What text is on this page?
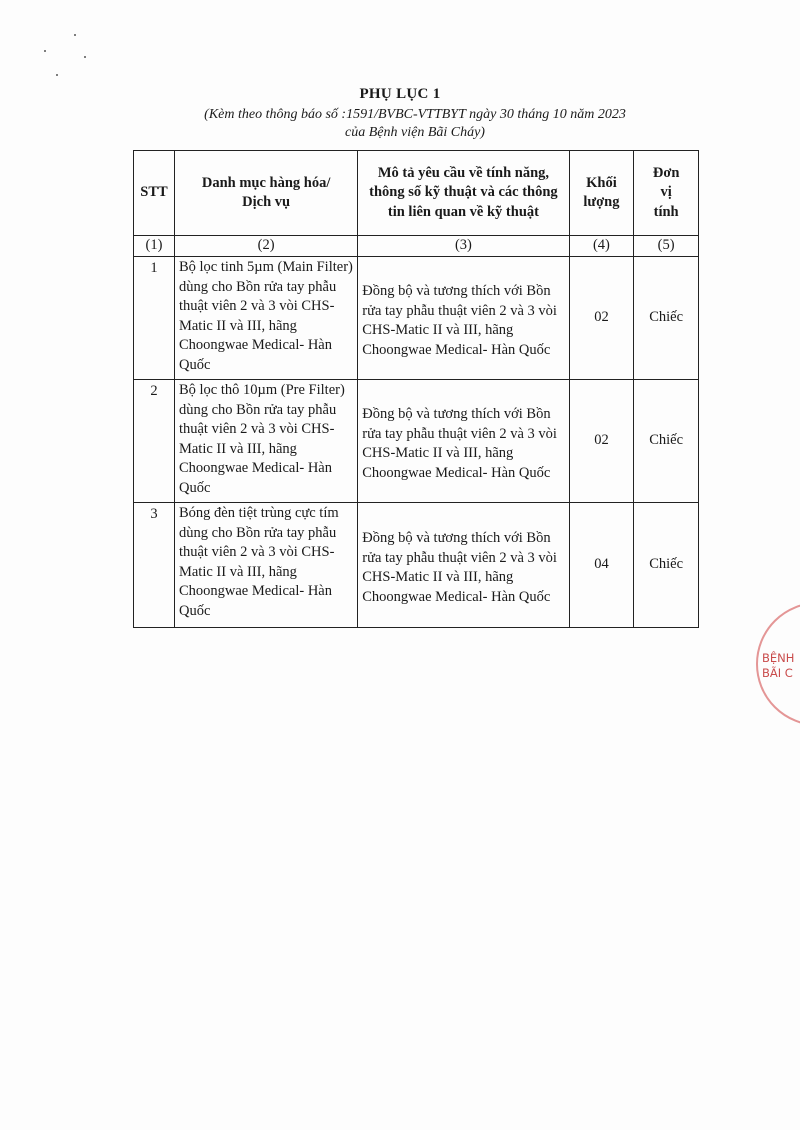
PHỤ LỤC 1
(Kèm theo thông báo số :1591/BVBC-VTTBYT ngày 30 tháng 10 năm 2023
của Bệnh viện Bãi Cháy)
STT	Danh mục hàng hóa/ Dịch vụ	Mô tả yêu cầu về tính năng, thông số kỹ thuật và các thông tin liên quan về kỹ thuật	Khối lượng	Đơn vị tính
(1)	(2)	(3)	(4)	(5)
1	Bộ lọc tinh 5µm (Main Filter) dùng cho Bồn rửa tay phẫu thuật viên 2 và 3 vòi CHS-Matic II và III, hãng Choongwae Medical- Hàn Quốc	Đồng bộ và tương thích với Bồn rửa tay phẫu thuật viên 2 và 3 vòi CHS-Matic II và III, hãng Choongwae Medical- Hàn Quốc	02	Chiếc
2	Bộ lọc thô 10µm (Pre Filter) dùng cho Bồn rửa tay phẫu thuật viên 2 và 3 vòi CHS-Matic II và III, hãng Choongwae Medical- Hàn Quốc	Đồng bộ và tương thích với Bồn rửa tay phẫu thuật viên 2 và 3 vòi CHS-Matic II và III, hãng Choongwae Medical- Hàn Quốc	02	Chiếc
3	Bóng đèn tiệt trùng cực tím dùng cho Bồn rửa tay phẫu thuật viên 2 và 3 vòi CHS-Matic II và III, hãng Choongwae Medical- Hàn Quốc	Đồng bộ và tương thích với Bồn rửa tay phẫu thuật viên 2 và 3 vòi CHS-Matic II và III, hãng Choongwae Medical- Hàn Quốc	04	Chiếc
BỆNH
BÃI C
